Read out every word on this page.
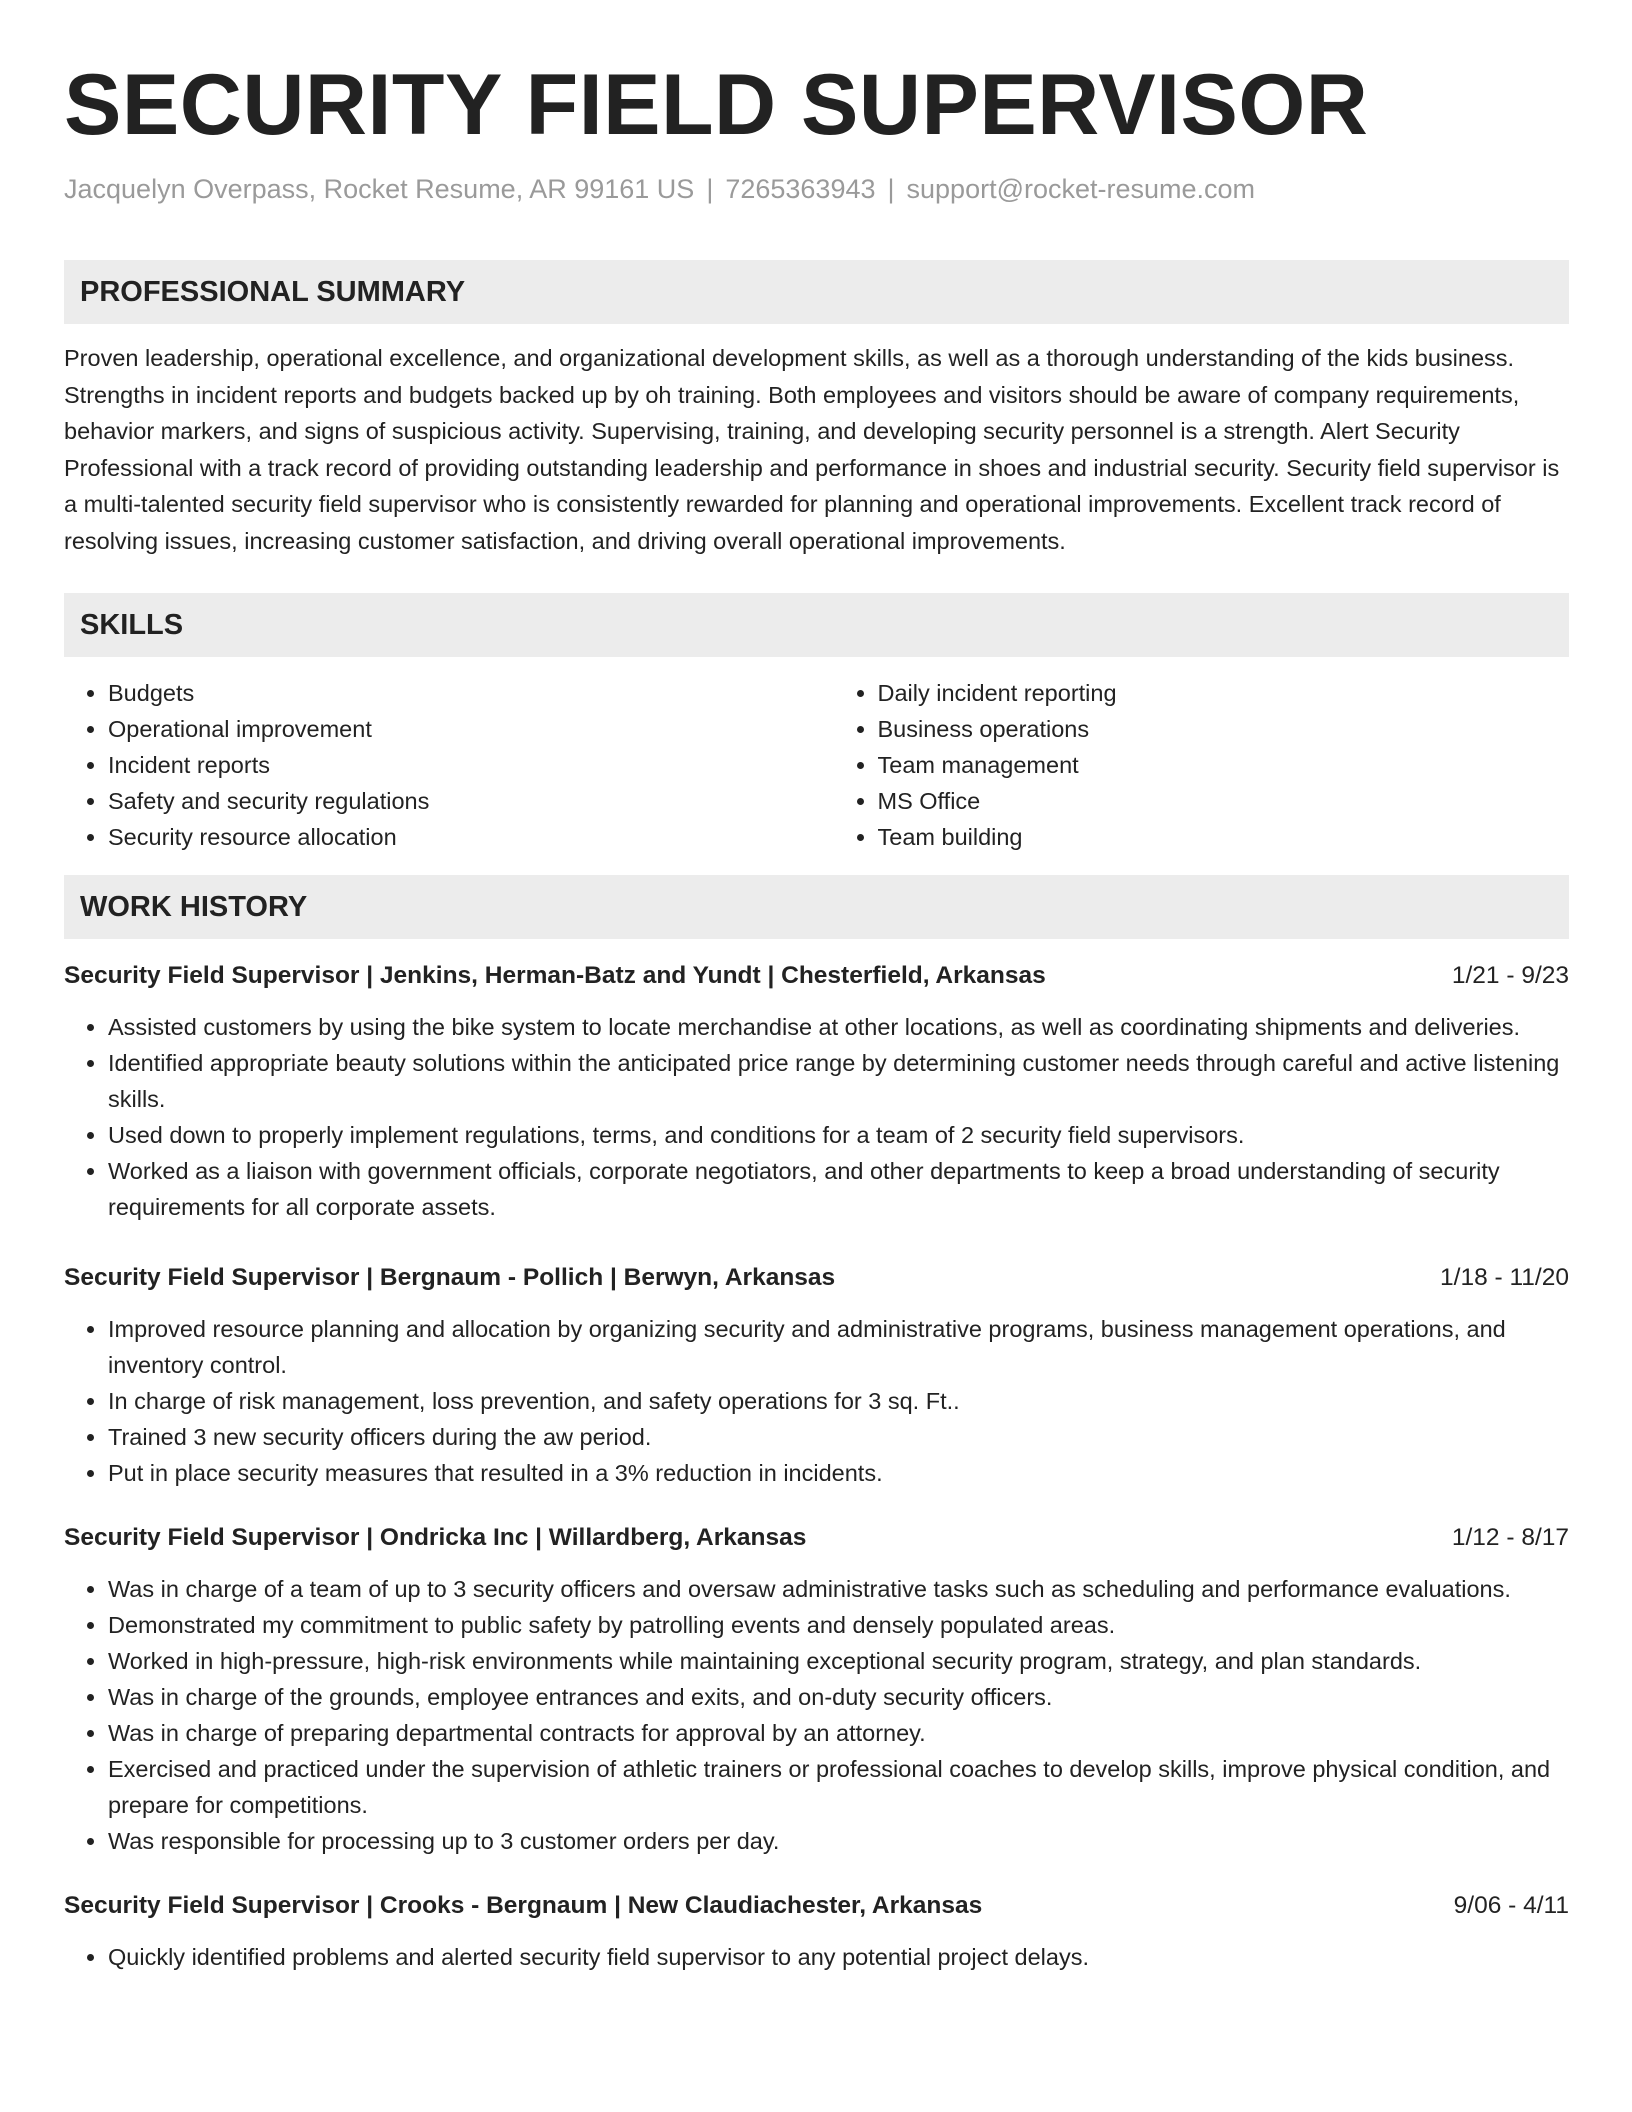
SECURITY FIELD SUPERVISOR
Jacquelyn Overpass, Rocket Resume, AR 99161 US | 7265363943 | support@rocket-resume.com
PROFESSIONAL SUMMARY
Proven leadership, operational excellence, and organizational development skills, as well as a thorough understanding of the kids business. Strengths in incident reports and budgets backed up by oh training. Both employees and visitors should be aware of company requirements, behavior markers, and signs of suspicious activity. Supervising, training, and developing security personnel is a strength. Alert Security Professional with a track record of providing outstanding leadership and performance in shoes and industrial security. Security field supervisor is a multi-talented security field supervisor who is consistently rewarded for planning and operational improvements. Excellent track record of resolving issues, increasing customer satisfaction, and driving overall operational improvements.
SKILLS
• Budgets
• Operational improvement
• Incident reports
• Safety and security regulations
• Security resource allocation
• Daily incident reporting
• Business operations
• Team management
• MS Office
• Team building
WORK HISTORY
Security Field Supervisor | Jenkins, Herman-Batz and Yundt | Chesterfield, Arkansas	1/21 - 9/23
• Assisted customers by using the bike system to locate merchandise at other locations, as well as coordinating shipments and deliveries.
• Identified appropriate beauty solutions within the anticipated price range by determining customer needs through careful and active listening skills.
• Used down to properly implement regulations, terms, and conditions for a team of 2 security field supervisors.
• Worked as a liaison with government officials, corporate negotiators, and other departments to keep a broad understanding of security requirements for all corporate assets.
Security Field Supervisor | Bergnaum - Pollich | Berwyn, Arkansas	1/18 - 11/20
• Improved resource planning and allocation by organizing security and administrative programs, business management operations, and inventory control.
• In charge of risk management, loss prevention, and safety operations for 3 sq. Ft..
• Trained 3 new security officers during the aw period.
• Put in place security measures that resulted in a 3% reduction in incidents.
Security Field Supervisor | Ondricka Inc | Willardberg, Arkansas	1/12 - 8/17
• Was in charge of a team of up to 3 security officers and oversaw administrative tasks such as scheduling and performance evaluations.
• Demonstrated my commitment to public safety by patrolling events and densely populated areas.
• Worked in high-pressure, high-risk environments while maintaining exceptional security program, strategy, and plan standards.
• Was in charge of the grounds, employee entrances and exits, and on-duty security officers.
• Was in charge of preparing departmental contracts for approval by an attorney.
• Exercised and practiced under the supervision of athletic trainers or professional coaches to develop skills, improve physical condition, and prepare for competitions.
• Was responsible for processing up to 3 customer orders per day.
Security Field Supervisor | Crooks - Bergnaum | New Claudiachester, Arkansas	9/06 - 4/11
• Quickly identified problems and alerted security field supervisor to any potential project delays.
